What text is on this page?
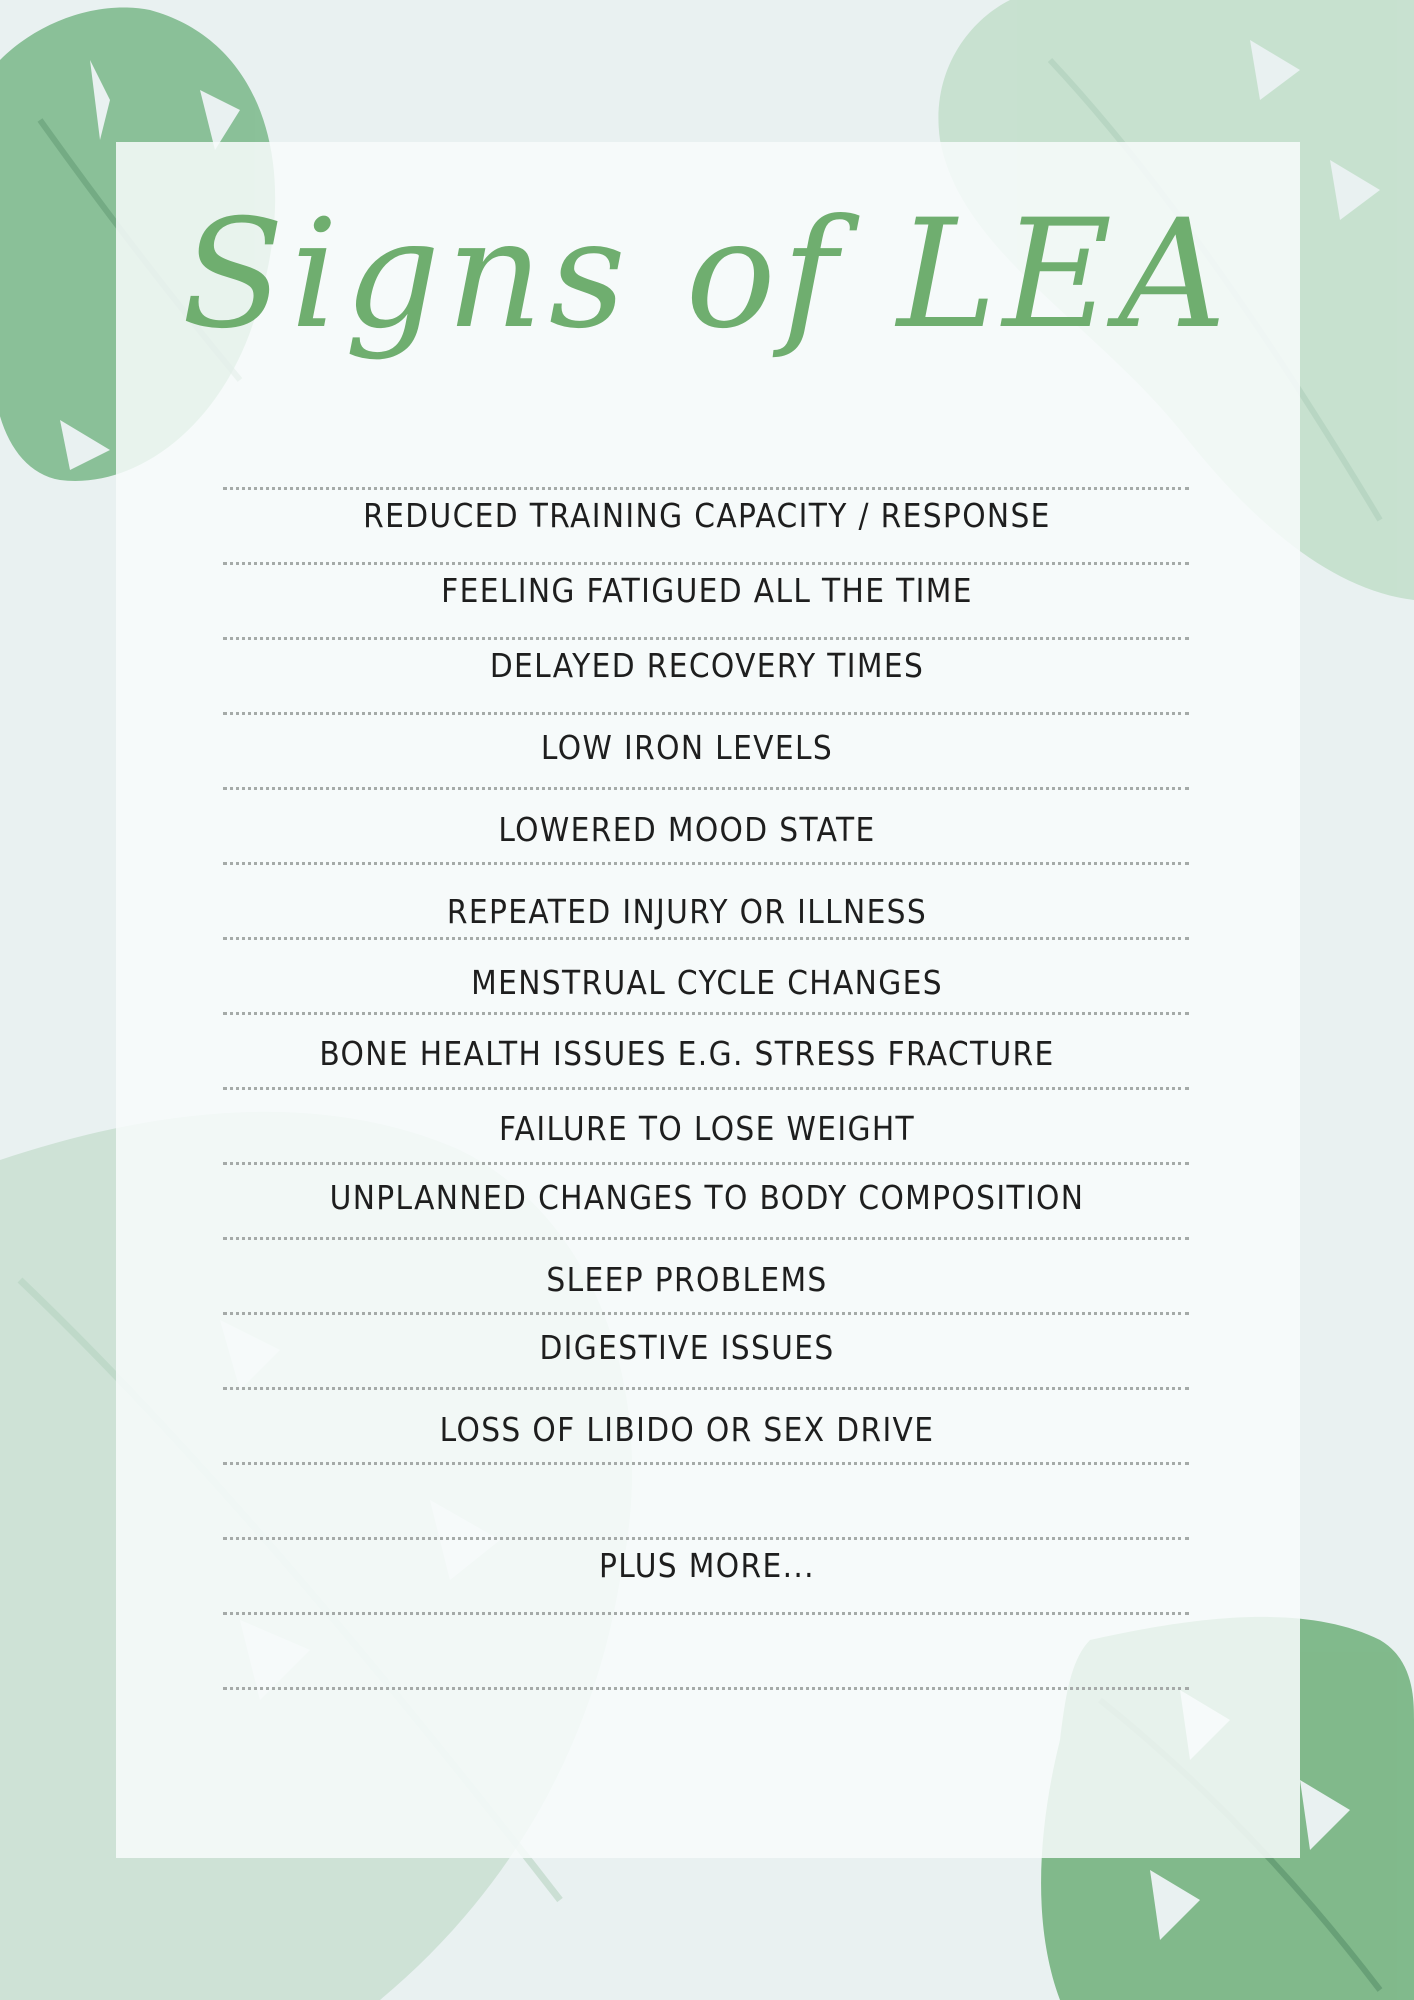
Signs of LEA
REDUCED TRAINING CAPACITY / RESPONSE
FEELING FATIGUED ALL THE TIME
DELAYED RECOVERY TIMES
LOW IRON LEVELS
LOWERED MOOD STATE
REPEATED INJURY OR ILLNESS
MENSTRUAL CYCLE CHANGES
BONE HEALTH ISSUES E.G. STRESS FRACTURE
FAILURE TO LOSE WEIGHT
UNPLANNED CHANGES TO BODY COMPOSITION
SLEEP PROBLEMS
DIGESTIVE ISSUES
LOSS OF LIBIDO OR SEX DRIVE
PLUS MORE...
